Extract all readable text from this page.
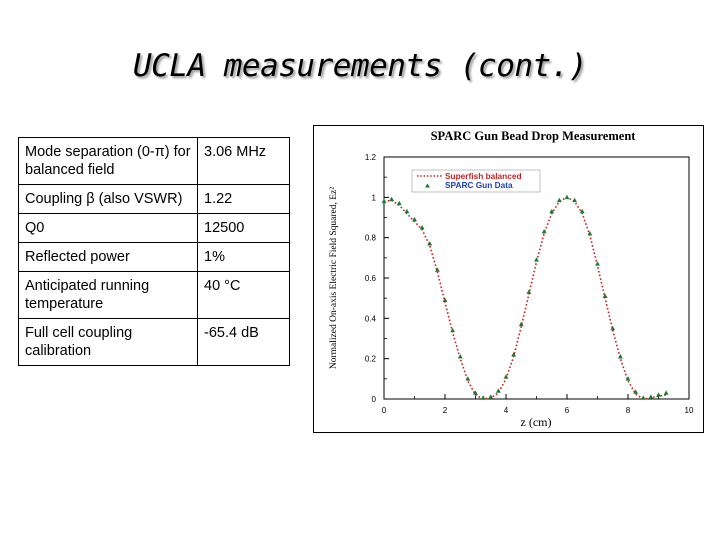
UCLA measurements (cont.)
Mode separation (0-π) for balanced field	3.06 MHz
Coupling β (also VSWR)	1.22
Q0	12500
Reflected power	1%
Anticipated running temperature	40 °C
Full cell coupling calibration	-65.4 dB
SPARC Gun Bead Drop Measurement
0	2	4	6	8	10
0
0.2
0.4
0.6
0.8
1
1.2
Superfish balanced
SPARC Gun Data
z (cm)
Normalized On-axis Electric Field Squared, Ez²
